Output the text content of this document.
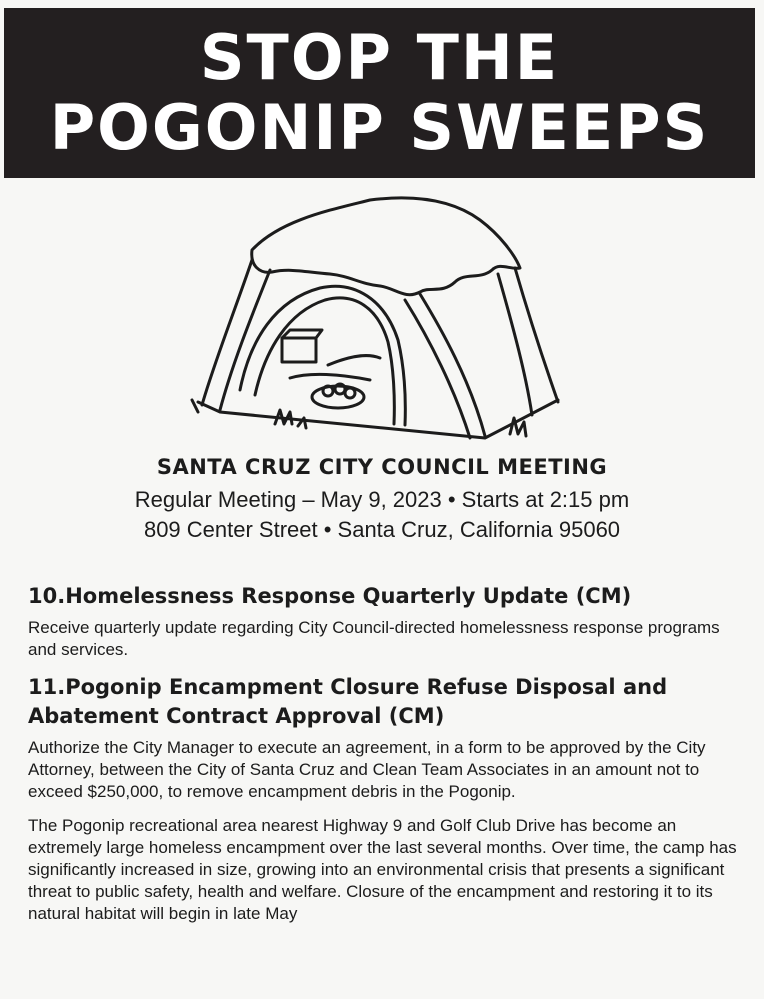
STOP THE
POGONIP SWEEPS
SANTA CRUZ CITY COUNCIL MEETING
Regular Meeting – May 9, 2023 • Starts at 2:15 pm
809 Center Street • Santa Cruz, California 95060
10.Homelessness Response Quarterly Update (CM)

Receive quarterly update regarding City Council-directed homelessness response programs and services.

11.Pogonip Encampment Closure Refuse Disposal and Abatement Contract Approval (CM)

Authorize the City Manager to execute an agreement, in a form to be approved by the City Attorney, between the City of Santa Cruz and Clean Team Associates in an amount not to exceed $250,000, to remove encampment debris in the Pogonip.

The Pogonip recreational area nearest Highway 9 and Golf Club Drive has become an extremely large homeless encampment over the last several months. Over time, the camp has significantly increased in size, growing into an environmental crisis that presents a significant threat to public safety, health and welfare. Closure of the encampment and restoring it to its natural habitat will begin in late May
